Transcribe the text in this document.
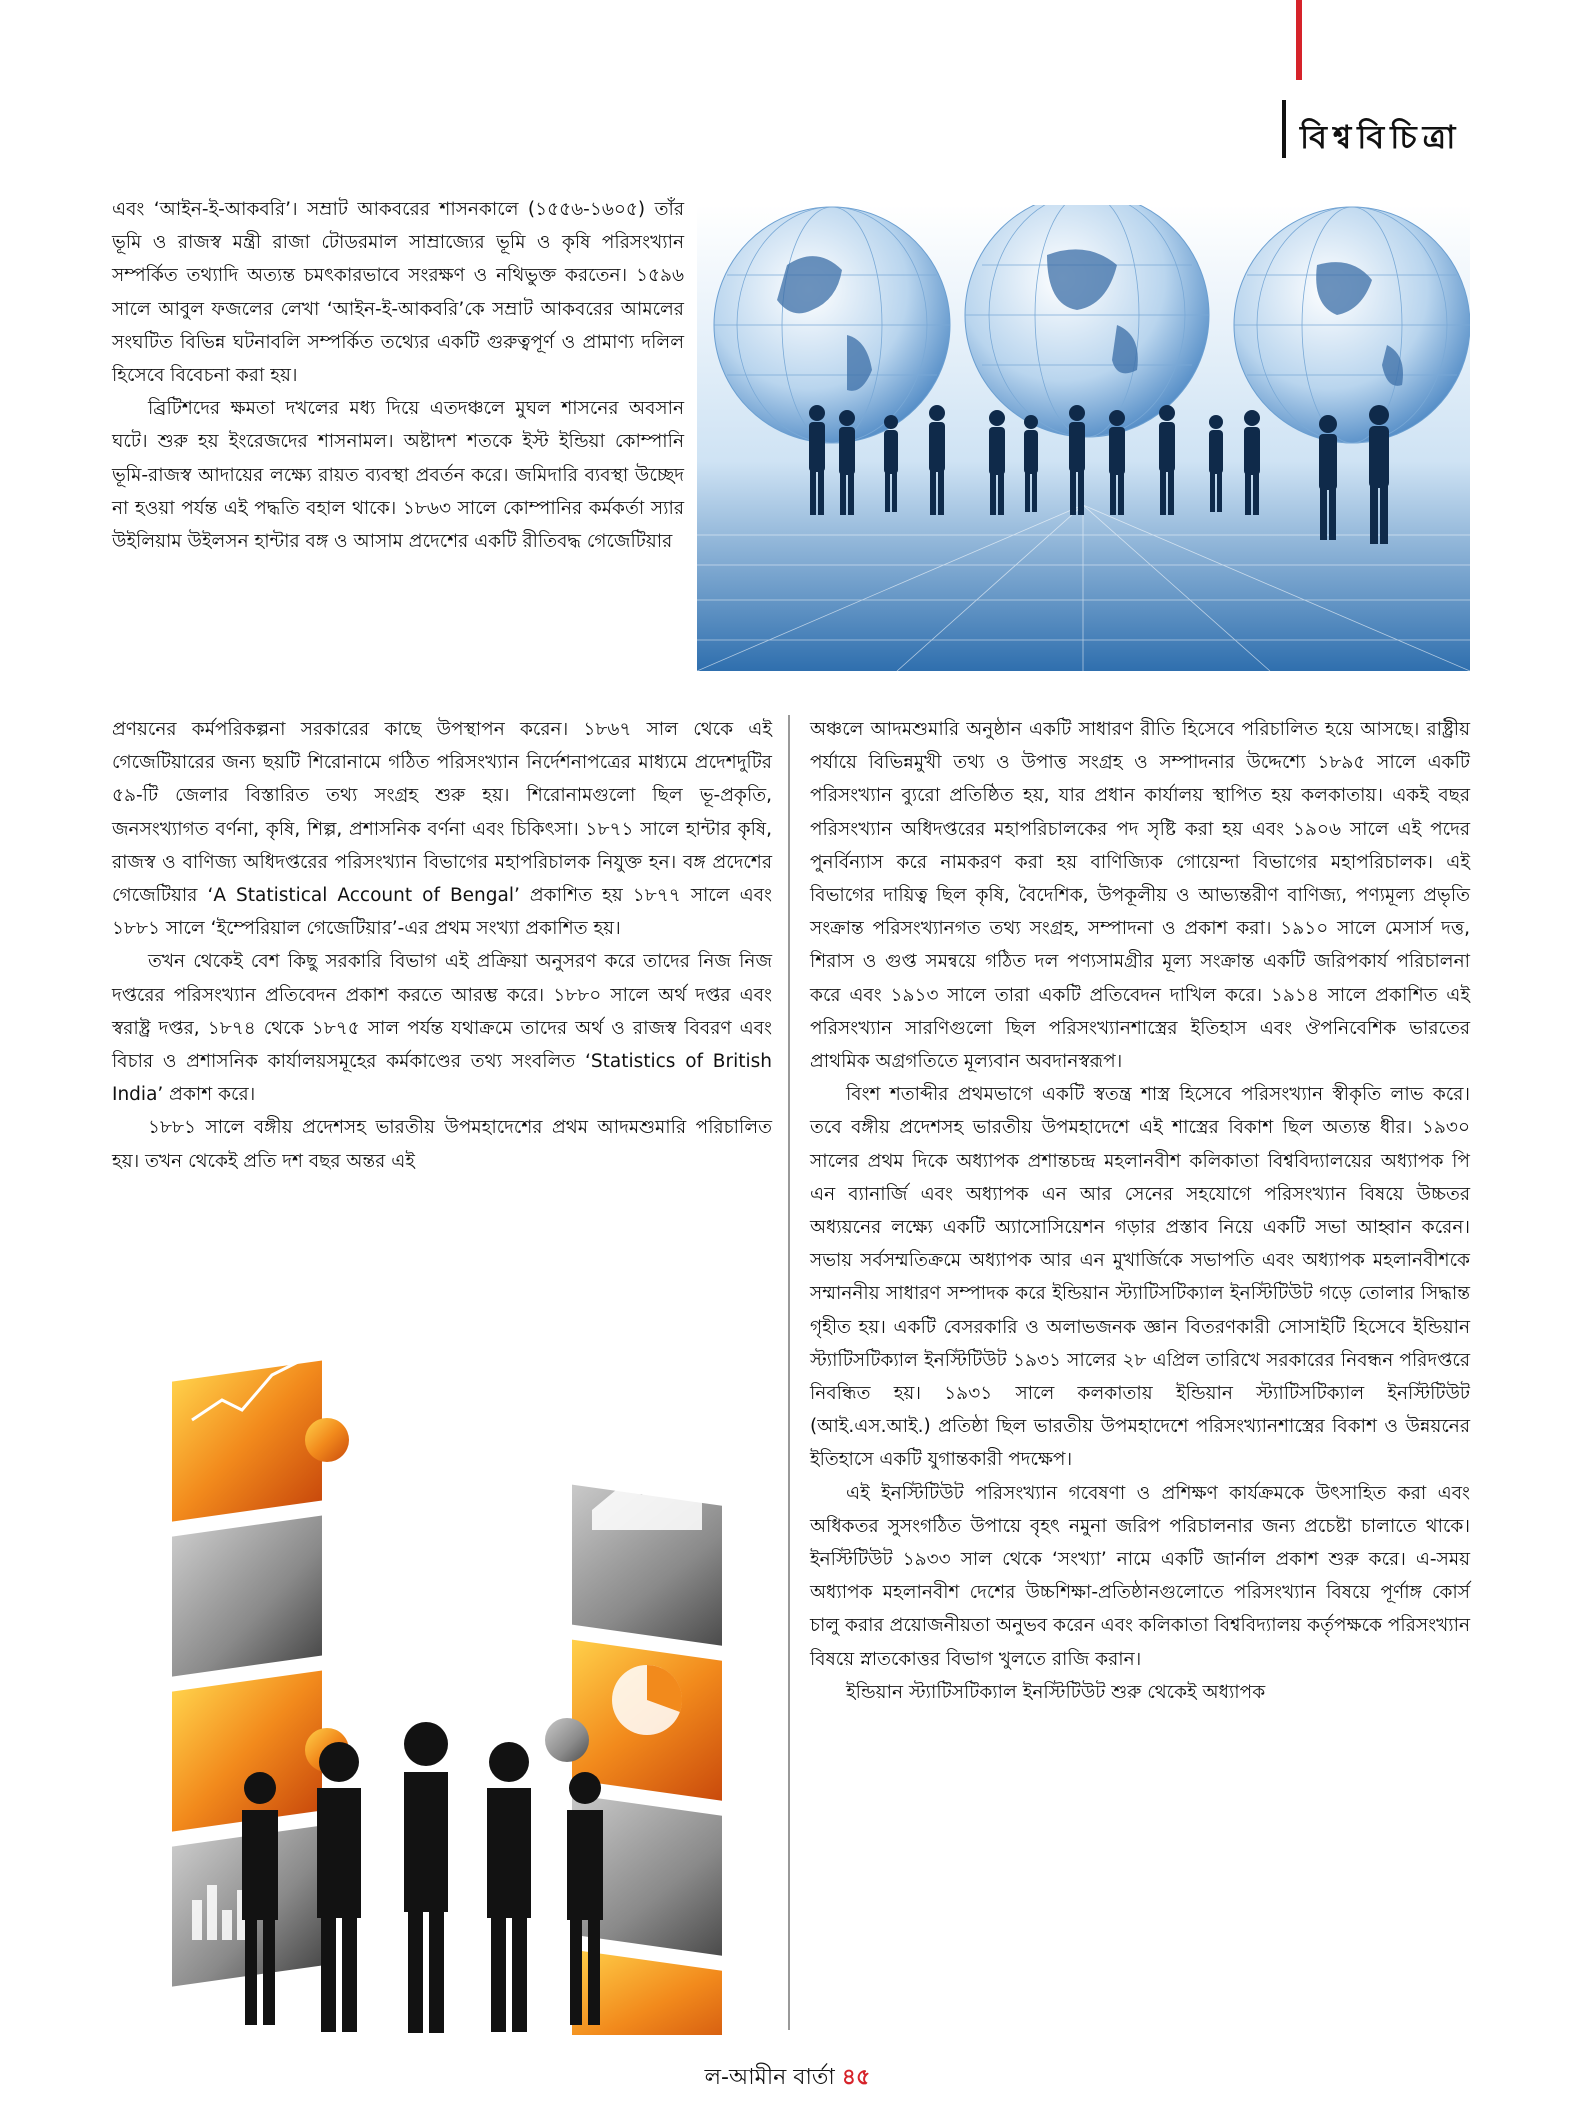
বিশ্ববিচিত্রা

এবং ‘আইন-ই-আকবরি’। সম্রাট আকবরের শাসনকালে (১৫৫৬-১৬০৫) তাঁর ভূমি ও রাজস্ব মন্ত্রী রাজা টোডরমাল সাম্রাজ্যের ভূমি ও কৃষি পরিসংখ্যান সম্পর্কিত তথ্যাদি অত্যন্ত চমৎকারভাবে সংরক্ষণ ও নথিভুক্ত করতেন। ১৫৯৬ সালে আবুল ফজলের লেখা ‘আইন-ই-আকবরি’কে সম্রাট আকবরের আমলের সংঘটিত বিভিন্ন ঘটনাবলি সম্পর্কিত তথ্যের একটি গুরুত্বপূর্ণ ও প্রামাণ্য দলিল হিসেবে বিবেচনা করা হয়।

ব্রিটিশদের ক্ষমতা দখলের মধ্য দিয়ে এতদঞ্চলে মুঘল শাসনের অবসান ঘটে। শুরু হয় ইংরেজদের শাসনামল। অষ্টাদশ শতকে ইস্ট ইন্ডিয়া কোম্পানি ভূমি-রাজস্ব আদায়ের লক্ষ্যে রায়ত ব্যবস্থা প্রবর্তন করে। জমিদারি ব্যবস্থা উচ্ছেদ না হওয়া পর্যন্ত এই পদ্ধতি বহাল থাকে। ১৮৬৩ সালে কোম্পানির কর্মকর্তা স্যার উইলিয়াম উইলসন হান্টার বঙ্গ ও আসাম প্রদেশের একটি রীতিবদ্ধ গেজেটিয়ার

প্রণয়নের কর্মপরিকল্পনা সরকারের কাছে উপস্থাপন করেন। ১৮৬৭ সাল থেকে এই গেজেটিয়ারের জন্য ছয়টি শিরোনামে গঠিত পরিসংখ্যান নির্দেশনাপত্রের মাধ্যমে প্রদেশদুটির ৫৯-টি জেলার বিস্তারিত তথ্য সংগ্রহ শুরু হয়। শিরোনামগুলো ছিল ভূ-প্রকৃতি, জনসংখ্যাগত বর্ণনা, কৃষি, শিল্প, প্রশাসনিক বর্ণনা এবং চিকিৎসা। ১৮৭১ সালে হান্টার কৃষি, রাজস্ব ও বাণিজ্য অধিদপ্তরের পরিসংখ্যান বিভাগের মহাপরিচালক নিযুক্ত হন। বঙ্গ প্রদেশের গেজেটিয়ার ‘A Statistical Account of Bengal’ প্রকাশিত হয় ১৮৭৭ সালে এবং ১৮৮১ সালে ‘ইম্পেরিয়াল গেজেটিয়ার’-এর প্রথম সংখ্যা প্রকাশিত হয়।

তখন থেকেই বেশ কিছু সরকারি বিভাগ এই প্রক্রিয়া অনুসরণ করে তাদের নিজ নিজ দপ্তরের পরিসংখ্যান প্রতিবেদন প্রকাশ করতে আরম্ভ করে। ১৮৮০ সালে অর্থ দপ্তর এবং স্বরাষ্ট্র দপ্তর, ১৮৭৪ থেকে ১৮৭৫ সাল পর্যন্ত যথাক্রমে তাদের অর্থ ও রাজস্ব বিবরণ এবং বিচার ও প্রশাসনিক কার্যালয়সমূহের কর্মকাণ্ডের তথ্য সংবলিত ‘Statistics of British India’ প্রকাশ করে।

১৮৮১ সালে বঙ্গীয় প্রদেশসহ ভারতীয় উপমহাদেশের প্রথম আদমশুমারি পরিচালিত হয়। তখন থেকেই প্রতি দশ বছর অন্তর এই

অঞ্চলে আদমশুমারি অনুষ্ঠান একটি সাধারণ রীতি হিসেবে পরিচালিত হয়ে আসছে। রাষ্ট্রীয় পর্যায়ে বিভিন্নমুখী তথ্য ও উপাত্ত সংগ্রহ ও সম্পাদনার উদ্দেশ্যে ১৮৯৫ সালে একটি পরিসংখ্যান ব্যুরো প্রতিষ্ঠিত হয়, যার প্রধান কার্যালয় স্থাপিত হয় কলকাতায়। একই বছর পরিসংখ্যান অধিদপ্তরের মহাপরিচালকের পদ সৃষ্টি করা হয় এবং ১৯০৬ সালে এই পদের পুনর্বিন্যাস করে নামকরণ করা হয় বাণিজ্যিক গোয়েন্দা বিভাগের মহাপরিচালক। এই বিভাগের দায়িত্ব ছিল কৃষি, বৈদেশিক, উপকূলীয় ও আভ্যন্তরীণ বাণিজ্য, পণ্যমূল্য প্রভৃতি সংক্রান্ত পরিসংখ্যানগত তথ্য সংগ্রহ, সম্পাদনা ও প্রকাশ করা। ১৯১০ সালে মেসার্স দত্ত, শিরাস ও গুপ্ত সমন্বয়ে গঠিত দল পণ্যসামগ্রীর মূল্য সংক্রান্ত একটি জরিপকার্য পরিচালনা করে এবং ১৯১৩ সালে তারা একটি প্রতিবেদন দাখিল করে। ১৯১৪ সালে প্রকাশিত এই পরিসংখ্যান সারণিগুলো ছিল পরিসংখ্যানশাস্ত্রের ইতিহাস এবং ঔপনিবেশিক ভারতের প্রাথমিক অগ্রগতিতে মূল্যবান অবদানস্বরূপ।

বিংশ শতাব্দীর প্রথমভাগে একটি স্বতন্ত্র শাস্ত্র হিসেবে পরিসংখ্যান স্বীকৃতি লাভ করে। তবে বঙ্গীয় প্রদেশসহ ভারতীয় উপমহাদেশে এই শাস্ত্রের বিকাশ ছিল অত্যন্ত ধীর। ১৯৩০ সালের প্রথম দিকে অধ্যাপক প্রশান্তচন্দ্র মহলানবীশ কলিকাতা বিশ্ববিদ্যালয়ের অধ্যাপক পি এন ব্যানার্জি এবং অধ্যাপক এন আর সেনের সহযোগে পরিসংখ্যান বিষয়ে উচ্চতর অধ্যয়নের লক্ষ্যে একটি অ্যাসোসিয়েশন গড়ার প্রস্তাব নিয়ে একটি সভা আহ্বান করেন। সভায় সর্বসম্মতিক্রমে অধ্যাপক আর এন মুখার্জিকে সভাপতি এবং অধ্যাপক মহলানবীশকে সম্মাননীয় সাধারণ সম্পাদক করে ইন্ডিয়ান স্ট্যাটিসটিক্যাল ইনস্টিটিউট গড়ে তোলার সিদ্ধান্ত গৃহীত হয়। একটি বেসরকারি ও অলাভজনক জ্ঞান বিতরণকারী সোসাইটি হিসেবে ইন্ডিয়ান স্ট্যাটিসটিক্যাল ইনস্টিটিউট ১৯৩১ সালের ২৮ এপ্রিল তারিখে সরকারের নিবন্ধন পরিদপ্তরে নিবন্ধিত হয়। ১৯৩১ সালে কলকাতায় ইন্ডিয়ান স্ট্যাটিসটিক্যাল ইনস্টিটিউট (আই.এস.আই.) প্রতিষ্ঠা ছিল ভারতীয় উপমহাদেশে পরিসংখ্যানশাস্ত্রের বিকাশ ও উন্নয়নের ইতিহাসে একটি যুগান্তকারী পদক্ষেপ।

এই ইনস্টিটিউট পরিসংখ্যান গবেষণা ও প্রশিক্ষণ কার্যক্রমকে উৎসাহিত করা এবং অধিকতর সুসংগঠিত উপায়ে বৃহৎ নমুনা জরিপ পরিচালনার জন্য প্রচেষ্টা চালাতে থাকে। ইনস্টিটিউট ১৯৩৩ সাল থেকে ‘সংখ্যা’ নামে একটি জার্নাল প্রকাশ শুরু করে। এ-সময় অধ্যাপক মহলানবীশ দেশের উচ্চশিক্ষা-প্রতিষ্ঠানগুলোতে পরিসংখ্যান বিষয়ে পূর্ণাঙ্গ কোর্স চালু করার প্রয়োজনীয়তা অনুভব করেন এবং কলিকাতা বিশ্ববিদ্যালয় কর্তৃপক্ষকে পরিসংখ্যান বিষয়ে স্নাতকোত্তর বিভাগ খুলতে রাজি করান।

ইন্ডিয়ান স্ট্যাটিসটিক্যাল ইনস্টিটিউট শুরু থেকেই অধ্যাপক

ল-আমীন বার্তা ৪৫
